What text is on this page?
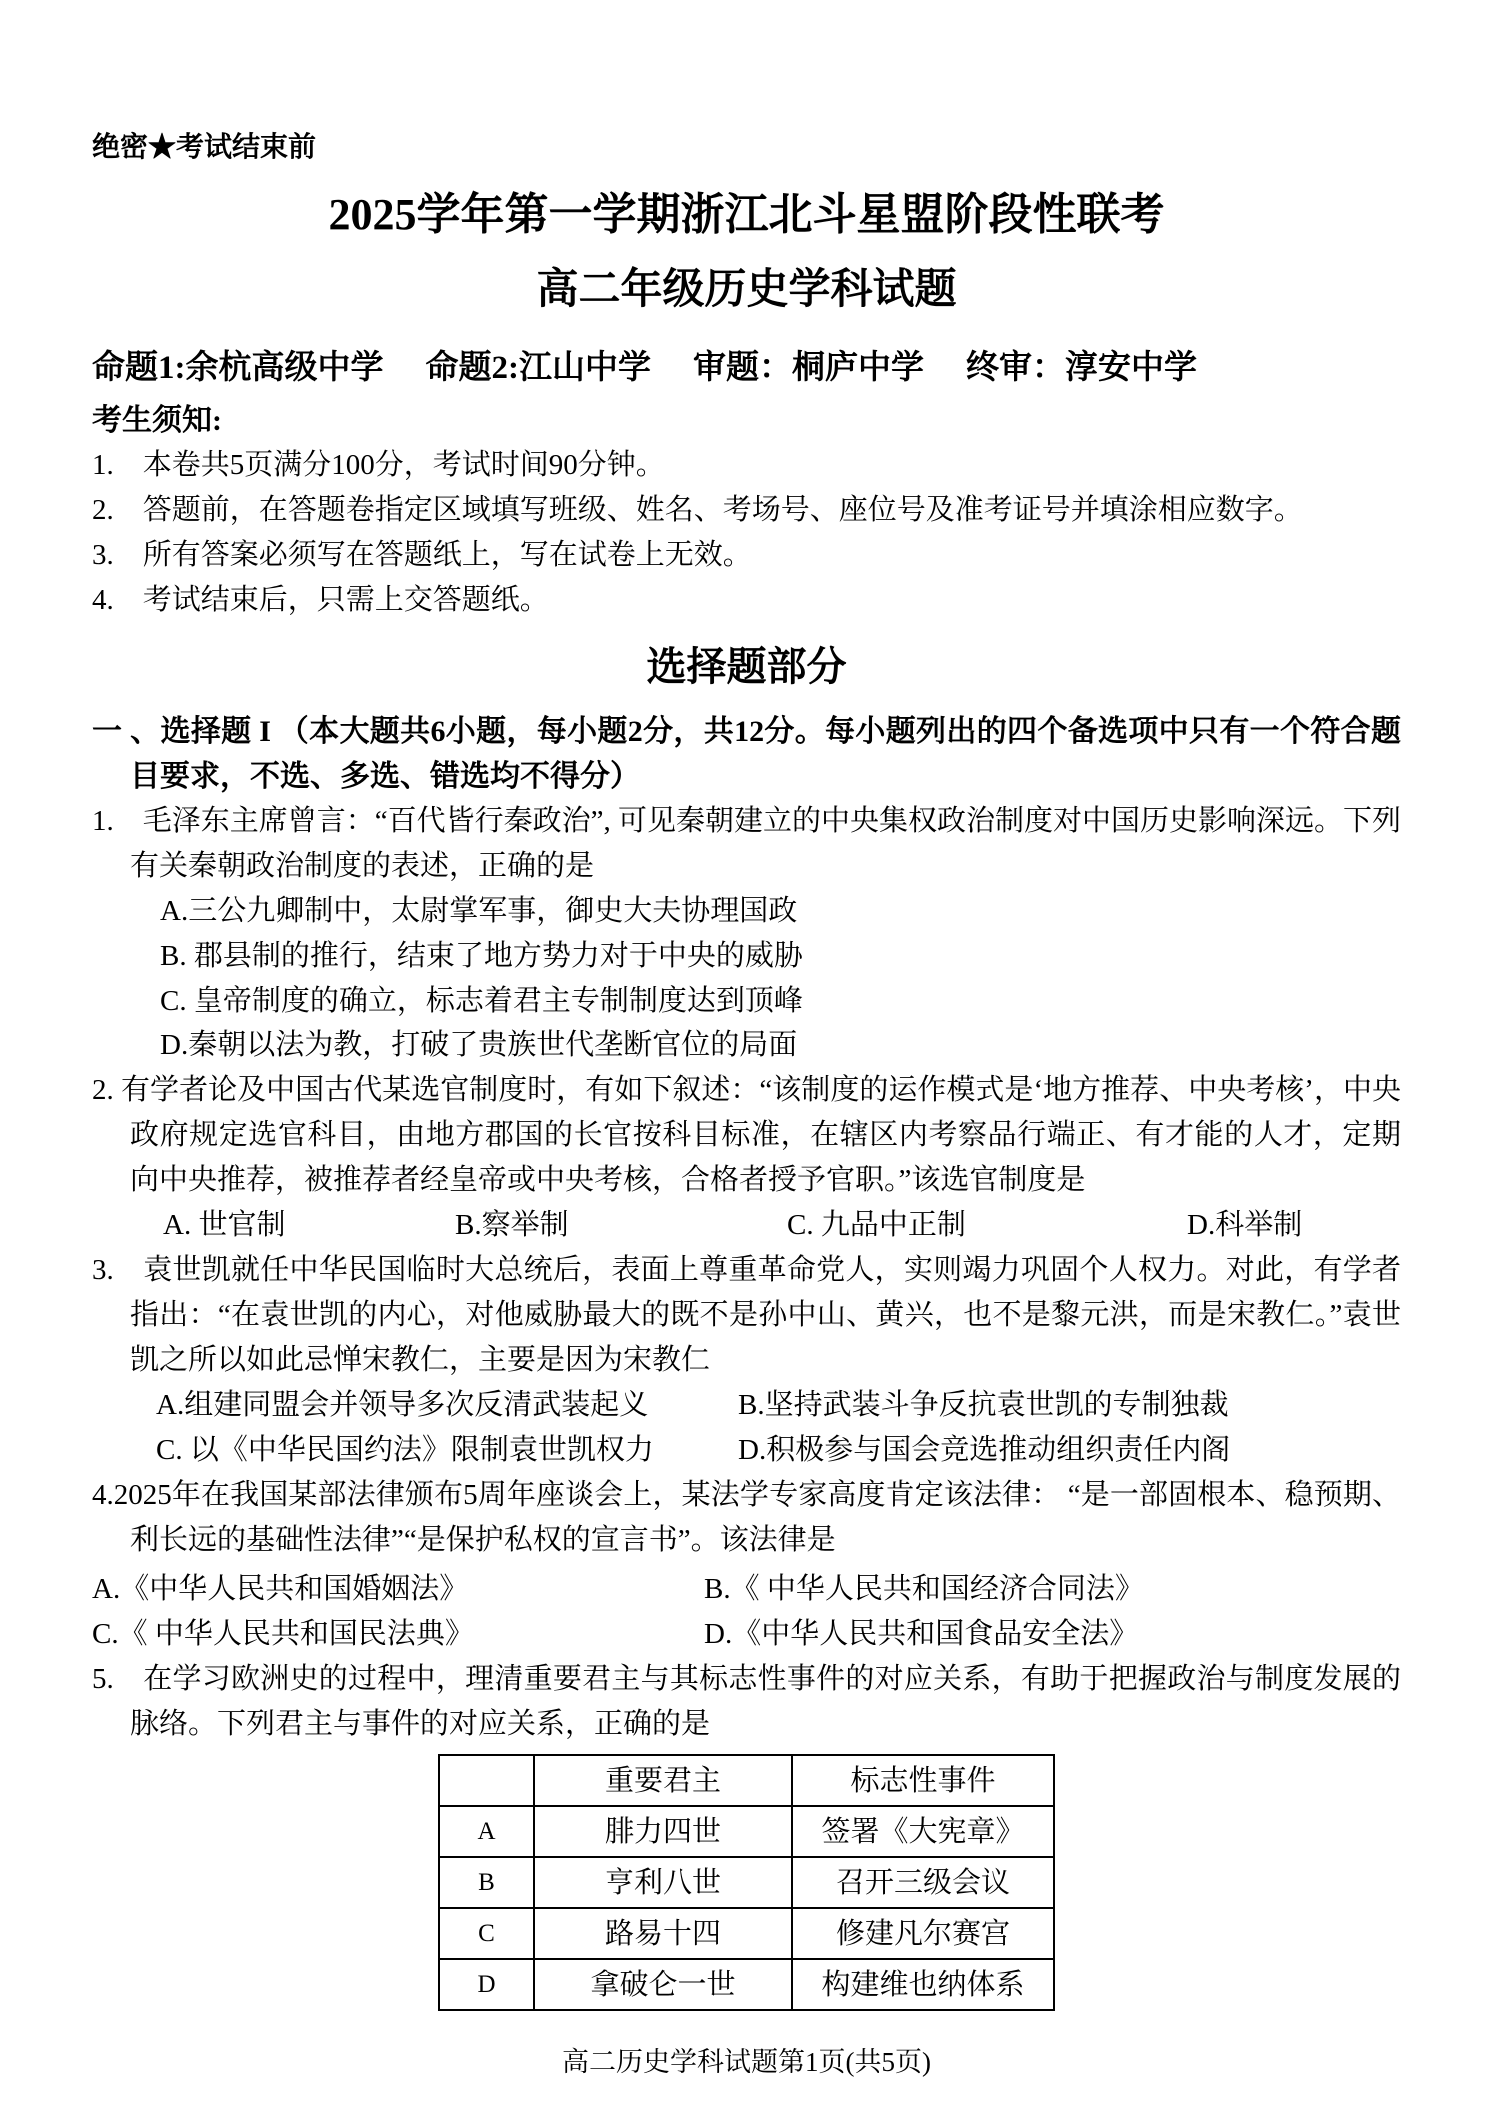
绝密★考试结束前
2025学年第一学期浙江北斗星盟阶段性联考
高二年级历史学科试题
命题1:余杭高级中学 命题2:江山中学 审题：桐庐中学 终审：淳安中学
考生须知:
1.　本卷共5页满分100分，考试时间90分钟。
2.　答题前，在答题卷指定区域填写班级、姓名、考场号、座位号及准考证号并填涂相应数字。
3.　所有答案必须写在答题纸上，写在试卷上无效。
4.　考试结束后，只需上交答题纸。
选择题部分
一 、选择题 I （本大题共6小题，每小题2分，共12分。每小题列出的四个备选项中只有一个符合题目要求，不选、多选、错选均不得分）
1.　毛泽东主席曾言：“百代皆行秦政治”, 可见秦朝建立的中央集权政治制度对中国历史影响深远。下列有关秦朝政治制度的表述，正确的是
A.三公九卿制中，太尉掌军事，御史大夫协理国政
B. 郡县制的推行，结束了地方势力对于中央的威胁
C. 皇帝制度的确立，标志着君主专制制度达到顶峰
D.秦朝以法为教，打破了贵族世代垄断官位的局面
2. 有学者论及中国古代某选官制度时，有如下叙述：“该制度的运作模式是‘地方推荐、中央考核’，中央政府规定选官科目，由地方郡国的长官按科目标准，在辖区内考察品行端正、有才能的人才，定期向中央推荐，被推荐者经皇帝或中央考核，合格者授予官职。”该选官制度是
A. 世官制	B.察举制	C. 九品中正制	D.科举制
3.　袁世凯就任中华民国临时大总统后，表面上尊重革命党人，实则竭力巩固个人权力。对此，有学者指出：“在袁世凯的内心，对他威胁最大的既不是孙中山、黄兴，也不是黎元洪，而是宋教仁。”袁世凯之所以如此忌惮宋教仁，主要是因为宋教仁
A.组建同盟会并领导多次反清武装起义	B.坚持武装斗争反抗袁世凯的专制独裁
C. 以《中华民国约法》限制袁世凯权力	D.积极参与国会竞选推动组织责任内阁
4.2025年在我国某部法律颁布5周年座谈会上，某法学专家高度肯定该法律： “是一部固根本、稳预期、利长远的基础性法律”“是保护私权的宣言书”。该法律是
A.《中华人民共和国婚姻法》	B.《 中华人民共和国经济合同法》
C.《 中华人民共和国民法典》	D.《中华人民共和国食品安全法》
5.　在学习欧洲史的过程中，理清重要君主与其标志性事件的对应关系，有助于把握政治与制度发展的脉络。下列君主与事件的对应关系，正确的是
	重要君主	标志性事件
A	腓力四世	签署《大宪章》
B	亨利八世	召开三级会议
C	路易十四	修建凡尔赛宫
D	拿破仑一世	构建维也纳体系
高二历史学科试题第1页(共5页)
